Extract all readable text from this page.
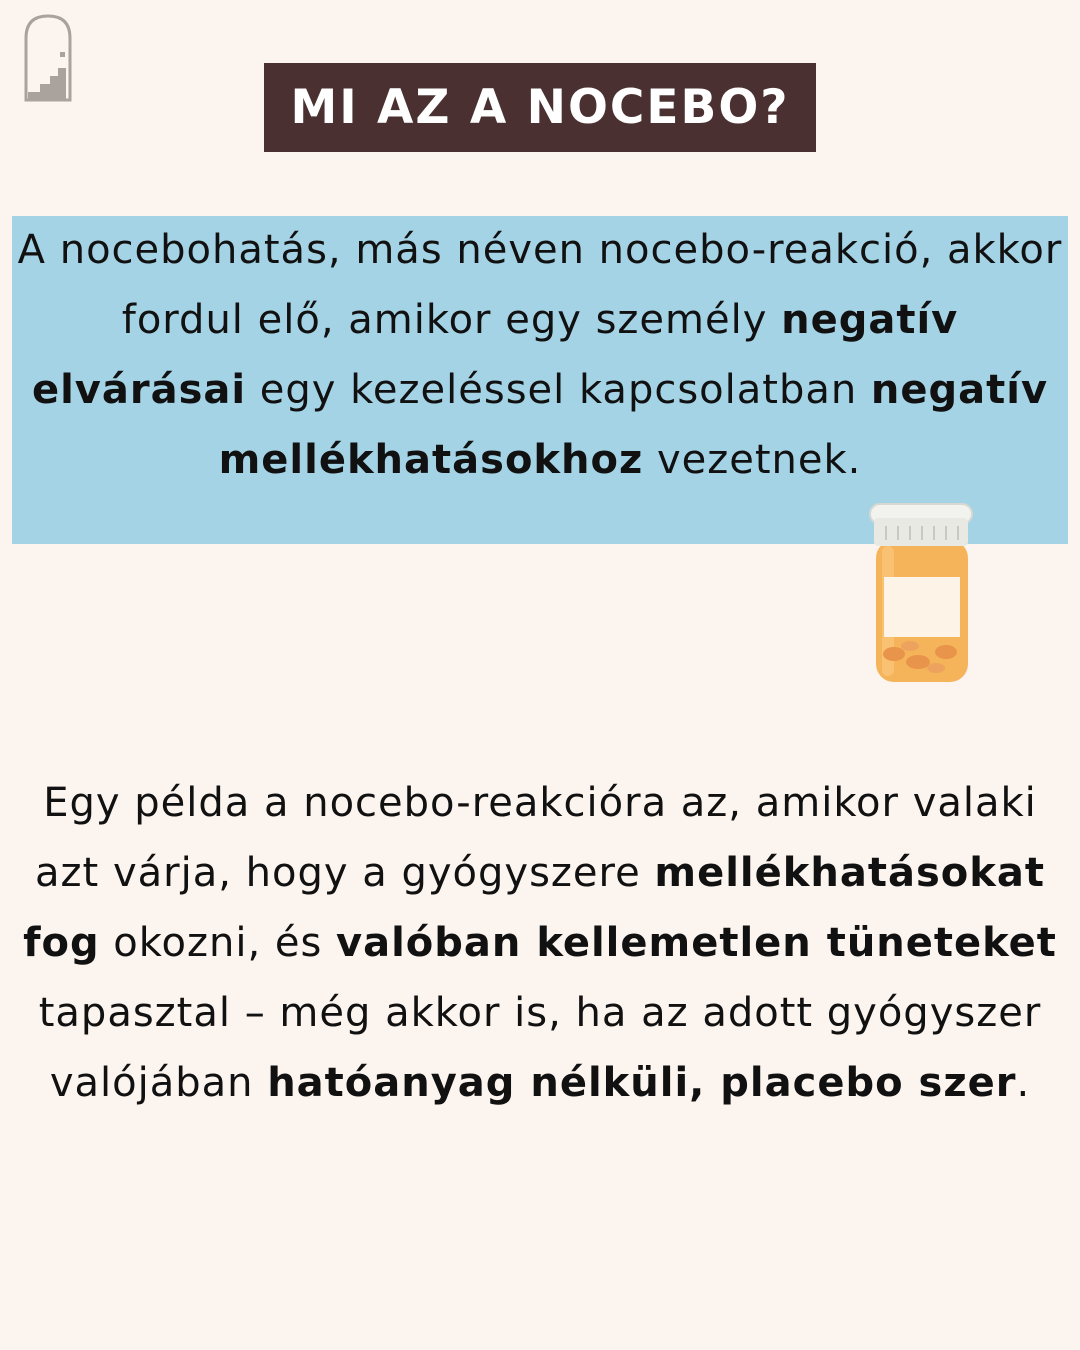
MI AZ A NOCEBO?

A nocebohatás, más néven nocebo-reakció, akkor fordul elő, amikor egy személy negatív elvárásai egy kezeléssel kapcsolatban negatív mellékhatásokhoz vezetnek.

Egy példa a nocebo-reakcióra az, amikor valaki azt várja, hogy a gyógyszere mellékhatásokat fog okozni, és valóban kellemetlen tüneteket tapasztal – még akkor is, ha az adott gyógyszer valójában hatóanyag nélküli, placebo szer.
